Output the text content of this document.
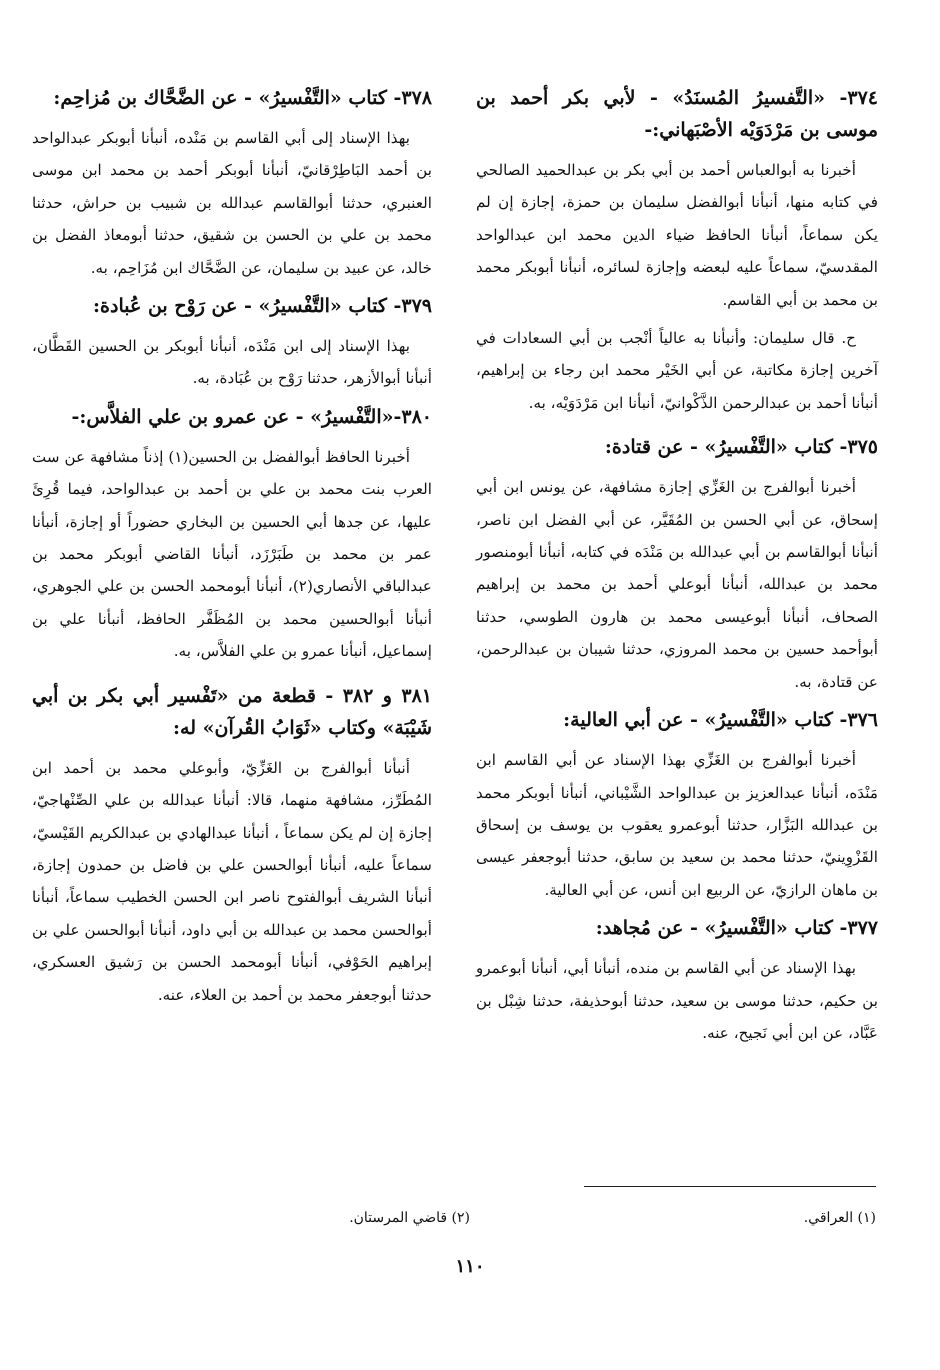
٣٧٤- «التَّفسيرُ المُسنَدُ» - لأبي بكر أحمد بن موسى بن مَرْدَوَيْه الأصْبَهاني:-

أخبرنا به أبوالعباس أحمد بن أبي بكر بن عبدالحميد الصالحي في كتابه منها، أنبأنا أبوالفضل سليمان بن حمزة، إجازة إن لم يكن سماعاً، أنبأنا الحافظ ضياء الدين محمد ابن عبدالواحد المقدسيّ، سماعاً عليه لبعضه وإجازة لسائره، أنبأنا أبوبكر محمد بن محمد بن أبي القاسم.

ح. قال سليمان: وأنبأنا به عالياً أنْجب بن أبي السعادات في آخرين إجازة مكاتبة، عن أبي الخَيْر محمد ابن رجاء بن إبراهيم، أنبأنا أحمد بن عبدالرحمن الذَّكْوانيّ، أنبأنا ابن مَرْدَوَيْه، به.

٣٧٥- كتاب «التَّفْسيرُ» - عن قتادة:

أخبرنا أبوالفرج بن الغَزِّي إجازة مشافهة، عن يونس ابن أبي إسحاق، عن أبي الحسن بن المُقَيَّر، عن أبي الفضل ابن ناصر، أنبأنا أبوالقاسم بن أبي عبدالله بن مَنْدَه في كتابه، أنبأنا أبومنصور محمد بن عبدالله، أنبأنا أبوعلي أحمد بن محمد بن إبراهيم الصحاف، أنبأنا أبوعيسى محمد بن هارون الطوسي، حدثنا أبوأحمد حسين بن محمد المروزي، حدثنا شيبان بن عبدالرحمن، عن قتادة، به.

٣٧٦- كتاب «التَّفْسيرُ» - عن أبي العالية:

أخبرنا أبوالفرج بن الغَزِّي بهذا الإسناد عن أبي القاسم ابن مَنْدَه، أنبأنا عبدالعزيز بن عبدالواحد الشَّيْباني، أنبأنا أبوبكر محمد بن عبدالله البَزَّار، حدثنا أبوعمرو يعقوب بن يوسف بن إسحاق القَزْوِينيّ، حدثنا محمد بن سعيد بن سابق، حدثنا أبوجعفر عيسى بن ماهان الرازيّ، عن الربيع ابن أنس، عن أبي العالية.

٣٧٧- كتاب «التَّفْسيرُ» - عن مُجاهد:

بهذا الإسناد عن أبي القاسم بن منده، أنبأنا أبي، أنبأنا أبوعمرو بن حكيم، حدثنا موسى بن سعيد، حدثنا أبوحذيفة، حدثنا شِبْل بن عَبَّاد، عن ابن أبي نَجيح، عنه.

٣٧٨- كتاب «التَّفْسيرُ» - عن الضَّحَّاك بن مُزاحِم:

بهذا الإسناد إلى أبي القاسم بن مَنْده، أنبأنا أبوبكر عبدالواحد بن أحمد البَاطِرْقانيّ، أنبأنا أبوبكر أحمد بن محمد ابن موسى العنبري، حدثنا أبوالقاسم عبدالله بن شبيب بن حراش، حدثنا محمد بن علي بن الحسن بن شقيق، حدثنا أبومعاذ الفضل بن خالد، عن عبيد بن سليمان، عن الضَّحَّاك ابن مُزَاحِم، به.

٣٧٩- كتاب «التَّفْسيرُ» - عن رَوْح بن عُبادة:

بهذا الإسناد إلى ابن مَنْدَه، أنبأنا أبوبكر بن الحسين القَطَّان، أنبأنا أبوالأزهر، حدثنا رَوْح بن عُبَادة، به.

٣٨٠-«التَّفْسيرُ» - عن عمرو بن علي الفلاَّس:-

أخبرنا الحافظ أبوالفضل بن الحسين(١) إذناً مشافهة عن ست العرب بنت محمد بن علي بن أحمد بن عبدالواحد، فيما قُرِئَ عليها، عن جدها أبي الحسين بن البخاري حضوراً أو إجازة، أنبأنا عمر بن محمد بن طَبَرْزَد، أنبأنا القاضي أبوبكر محمد بن عبدالباقي الأنصاري(٢)، أنبأنا أبومحمد الحسن بن علي الجوهري، أنبأنا أبوالحسين محمد بن المُظَفَّر الحافظ، أنبأنا علي بن إسماعيل، أنبأنا عمرو بن علي الفلاَّس، به.

٣٨١ و ٣٨٢ - قطعة من «تَفْسير أبي بكر بن أبي شَيْبَة» وكتاب «ثَوَابُ القُرآن» له:

أنبأنا أبوالفرج بن الغَزِّيّ، وأبوعلي محمد بن أحمد ابن المُطَرِّز، مشافهة منهما، قالا: أنبأنا عبدالله بن علي الصِّنْهاجيّ، إجازة إن لم يكن سماعاً ، أنبأنا عبدالهادي بن عبدالكريم القَيْسيّ، سماعاً عليه، أنبأنا أبوالحسن علي بن فاضل بن حمدون إجازة، أنبأنا الشريف أبوالفتوح ناصر ابن الحسن الخطيب سماعاً، أنبأنا أبوالحسن محمد بن عبدالله بن أبي داود، أنبأنا أبوالحسن علي بن إبراهيم الحَوْفي، أنبأنا أبومحمد الحسن بن رَشيق العسكري، حدثنا أبوجعفر محمد بن أحمد بن العلاء، عنه.

(١) العراقي.
(٢) قاضي المرستان.
١١٠
